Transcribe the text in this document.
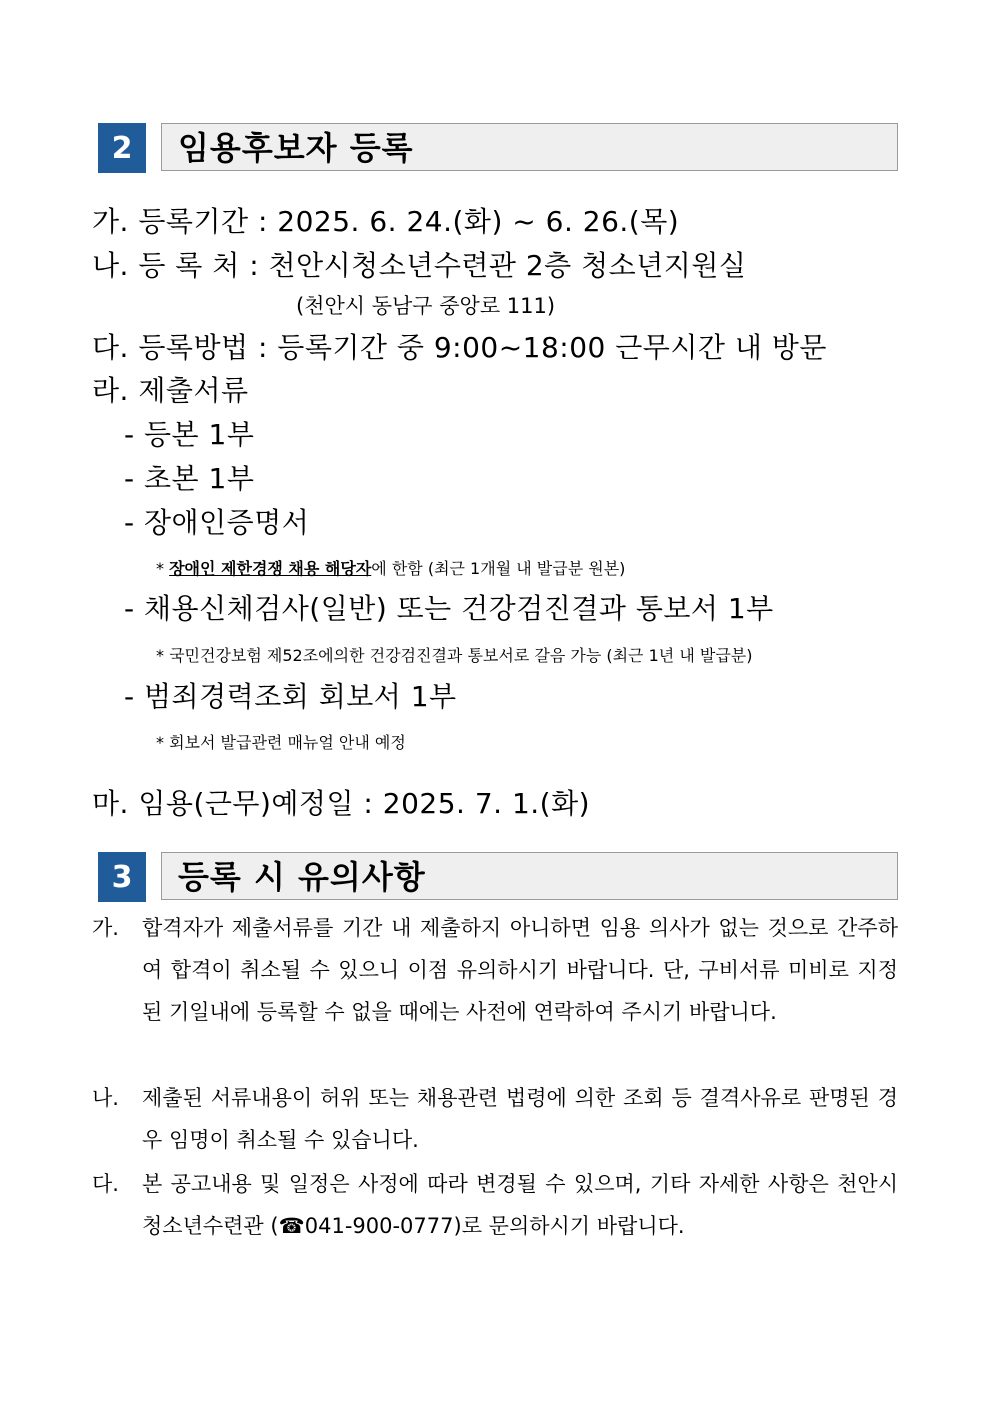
2	임용후보자 등록
가. 등록기간 : 2025. 6. 24.(화) ~ 6. 26.(목)
나. 등 록 처 : 천안시청소년수련관 2층 청소년지원실
(천안시 동남구 중앙로 111)
다. 등록방법 : 등록기간 중 9:00~18:00 근무시간 내 방문
라. 제출서류
- 등본 1부
- 초본 1부
- 장애인증명서
* 장애인 제한경쟁 채용 해당자에 한함 (최근 1개월 내 발급분 원본)
- 채용신체검사(일반) 또는 건강검진결과 통보서 1부
* 국민건강보험 제52조에의한 건강검진결과 통보서로 갈음 가능 (최근 1년 내 발급분)
- 범죄경력조회 회보서 1부
* 회보서 발급관련 매뉴얼 안내 예정
마. 임용(근무)예정일 : 2025. 7. 1.(화)
3	등록 시 유의사항
가. 합격자가 제출서류를 기간 내 제출하지 아니하면 임용 의사가 없는 것으로 간주하여 합격이 취소될 수 있으니 이점 유의하시기 바랍니다. 단, 구비서류 미비로 지정된 기일내에 등록할 수 없을 때에는 사전에 연락하여 주시기 바랍니다.
나. 제출된 서류내용이 허위 또는 채용관련 법령에 의한 조회 등 결격사유로 판명된 경우 임명이 취소될 수 있습니다.
다. 본 공고내용 및 일정은 사정에 따라 변경될 수 있으며, 기타 자세한 사항은 천안시청소년수련관 (☎041-900-0777)로 문의하시기 바랍니다.
